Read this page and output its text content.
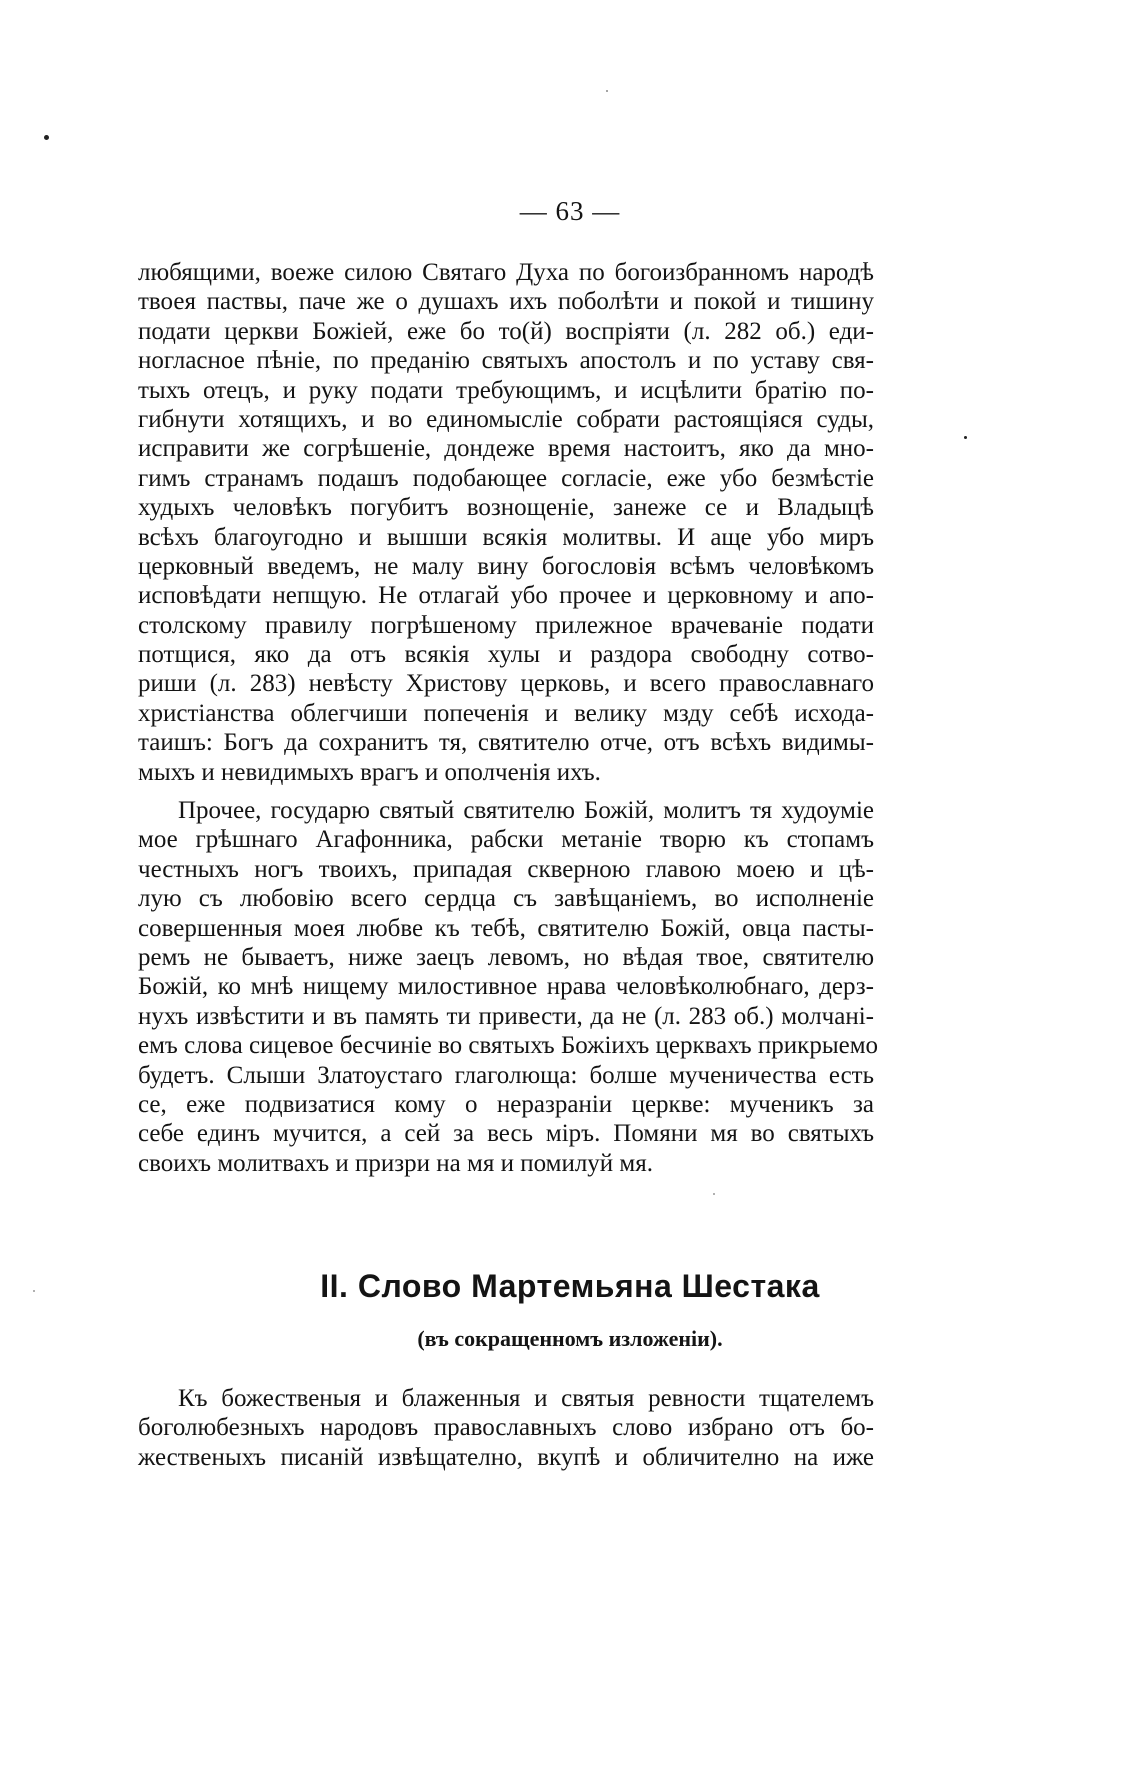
— 63 —
любящими, воеже силою Святаго Духа по богоизбранномъ народѣ
твоея паствы, паче же о душахъ ихъ поболѣти и покой и тишину
подати церкви Божіей, еже бо то(й) воспріяти (л. 282 об.) еди-
ногласное пѣніе, по преданію святыхъ апостолъ и по уставу свя-
тыхъ отецъ, и руку подати требующимъ, и исцѣлити братію по-
гибнути хотящихъ, и во единомысліе собрати растоящіяся суды,
исправити же согрѣшеніе, дондеже время настоитъ, яко да мно-
гимъ странамъ подашъ подобающее согласіе, еже убо безмѣстіе
худыхъ человѣкъ погубитъ вознощеніе, занеже се и Владыцѣ
всѣхъ благоугодно и вышши всякія молитвы. И аще убо миръ
церковный введемъ, не малу вину богословія всѣмъ человѣкомъ
исповѣдати непщую. Не отлагай убо прочее и церковному и апо-
столскому правилу погрѣшеному прилежное врачеваніе подати
потщися, яко да отъ всякія хулы и раздора свободну сотво-
риши (л. 283) невѣсту Христову церковь, и всего православнаго
христіанства облегчиши попеченія и велику мзду себѣ исхода-
таишъ: Богъ да сохранитъ тя, святителю отче, отъ всѣхъ видимы-
мыхъ и невидимыхъ врагъ и ополченія ихъ.
Прочее, государю святый святителю Божій, молитъ тя худоуміе
мое грѣшнаго Агафонника, рабски метаніе творю къ стопамъ
честныхъ ногъ твоихъ, припадая скверною главою моею и цѣ-
лую съ любовію всего сердца съ завѣщаніемъ, во исполненіе
совершенныя моея любве къ тебѣ, святителю Божій, овца пасты-
ремъ не бываетъ, ниже заецъ левомъ, но вѣдая твое, святителю
Божій, ко мнѣ нищему милостивное нрава человѣколюбнаго, дерз-
нухъ извѣстити и въ память ти привести, да не (л. 283 об.) молчані-
емъ слова сицевое бесчиніе во святыхъ Божіихъ церквахъ прикрыемо
будетъ. Слыши Златоустаго глаголюща: болше мученичества есть
се, еже подвизатися кому о неразраніи церкве: мученикъ за
себе единъ мучится, а сей за весь міръ. Помяни мя во святыхъ
своихъ молитвахъ и призри на мя и помилуй мя.
II. Слово Мартемьяна Шестака
(въ сокращенномъ изложеніи).
Къ божественыя и блаженныя и святыя ревности тщателемъ
боголюбезныхъ народовъ православныхъ слово избрано отъ бо-
жественыхъ писаній извѣщателно, вкупѣ и обличително на иже
